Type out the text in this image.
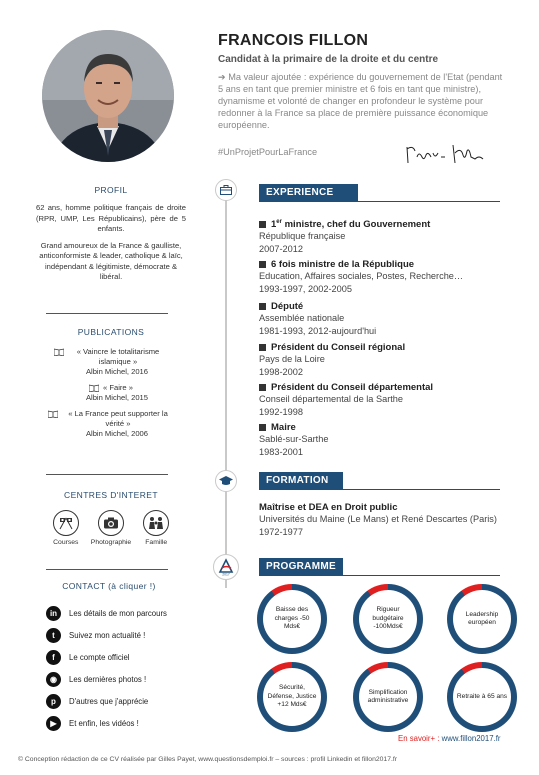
FRANCOIS FILLON
Candidat à la primaire de la droite et du centre
➔ Ma valeur ajoutée : expérience du gouvernement de l'Etat (pendant 5 ans en tant que premier ministre et 6 fois en tant que ministre), dynamisme et volonté de changer en profondeur le système pour redonner à la France sa place de première puissance économique européenne.
#UnProjetPourLaFrance
PROFIL
62 ans, homme politique français de droite (RPR, UMP, Les Républicains), père de 5 enfants.
Grand amoureux de la France & gaulliste, anticonformiste & leader, catholique & laïc, indépendant & légitimiste, démocrate & libéral.
PUBLICATIONS
« Vaincre le totalitarisme islamique »
Albin Michel, 2016
« Faire »
Albin Michel, 2015
« La France peut supporter la vérité »
Albin Michel, 2006
CENTRES D'INTERET
Courses Photographie Famille
CONTACT (à cliquer !)
in	Les détails de mon parcours
t	Suivez mon actualité !
f	Le compte officiel
◉	Les dernières photos !
p	D'autres que j'apprécie
▶	Et enfin, les vidéos !
2017
EXPERIENCE
1er ministre, chef du Gouvernement
République française
2007-2012
6 fois ministre de la République
Education, Affaires sociales, Postes, Recherche…
1993-1997, 2002-2005
Député
Assemblée nationale
1981-1993, 2012-aujourd'hui
Président du Conseil régional
Pays de la Loire
1998-2002
Président du Conseil départemental
Conseil départemental de la Sarthe
1992-1998
Maire
Sablé-sur-Sarthe
1983-2001
FORMATION
Maîtrise et DEA en Droit public
Universités du Maine (Le Mans) et René Descartes (Paris)
1972-1977
PROGRAMME
Baisse des charges -50 Mds€
Rigueur budgétaire -100Mds€
Leadership européen
Sécurité, Défense, Justice +12 Mds€
Simplification administrative
Retraite à 65 ans
En savoir+ : www.fillon2017.fr
© Conception rédaction de ce CV réalisée par Gilles Payet, www.questionsdemploi.fr – sources : profil Linkedin et fillon2017.fr
